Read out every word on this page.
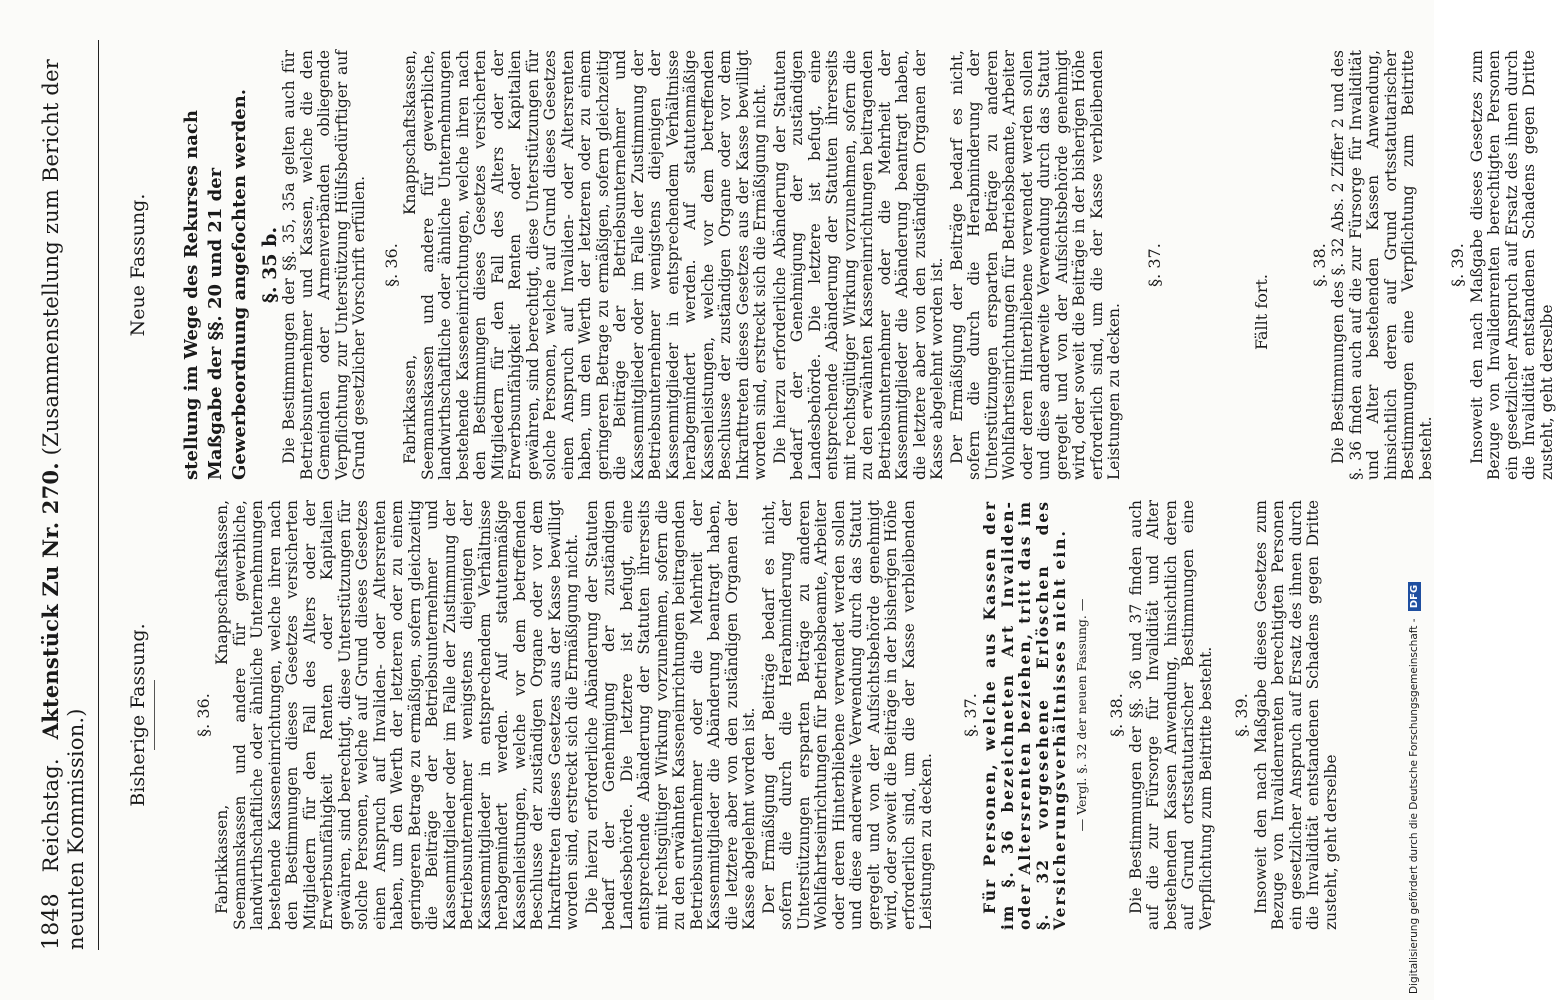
1848 Reichstag. Aktenstück Zu Nr. 270. (Zusammenstellung zum Bericht der neunten Kommission.)	Bisherige Fassung.	§. 36. Fabrikkassen, Knappschaftskassen, Seemannskassen und andere für gewerbliche, landwirthschaftliche oder ähnliche Unternehmungen bestehende Kasseneinrichtungen, welche ihren nach den Bestimmungen dieses Gesetzes versicherten Mitgliedern für den Fall des Alters oder der Erwerbsunfähigkeit Renten oder Kapitalien gewähren, sind berechtigt, diese Unterstützungen für solche Personen, welche auf Grund dieses Gesetzes einen Anspruch auf Invaliden- oder Altersrenten haben, um den Werth der letzteren oder zu einem geringeren Betrage zu ermäßigen, sofern gleichzeitig die Beiträge der Betriebsunternehmer und Kassenmitglieder oder im Falle der Zustimmung der Betriebsunternehmer wenigstens diejenigen der Kassenmitglieder in entsprechendem Verhältnisse herabgemindert werden. Auf statutenmäßige Kassenleistungen, welche vor dem betreffenden Beschlusse der zuständigen Organe oder vor dem Inkrafttreten dieses Gesetzes aus der Kasse bewilligt worden sind, erstreckt sich die Ermäßigung nicht. Die hierzu erforderliche Abänderung der Statuten bedarf der Genehmigung der zuständigen Landesbehörde. Die letztere ist befugt, eine entsprechende Abänderung der Statuten ihrerseits mit rechtsgültiger Wirkung vorzunehmen, sofern die zu den erwähnten Kasseneinrichtungen beitragenden Betriebsunternehmer oder die Mehrheit der Kassenmitglieder die Abänderung beantragt haben, die letztere aber von den zuständigen Organen der Kasse abgelehnt worden ist. Der Ermäßigung der Beiträge bedarf es nicht, sofern die durch die Herabminderung der Unterstützungen ersparten Beträge zu anderen Wohlfahrtseinrichtungen für Betriebsbeamte, Arbeiter oder deren Hinterbliebene verwendet werden sollen und diese anderweite Verwendung durch das Statut geregelt und von der Aufsichtsbehörde genehmigt wird, oder soweit die Beiträge in der bisherigen Höhe erforderlich sind, um die der Kasse verbleibenden Leistungen zu decken.

§. 37. Für Personen, welche aus Kassen der im §. 36 bezeichneten Art Invaliden- oder Altersrenten beziehen, tritt das im §. 32 vorgesehene Erlöschen des Versicherungsverhältnisses nicht ein. — Vergl. §. 32 der neuen Fassung. — §. 38. Die Bestimmungen der §§. 36 und 37 finden auch auf die zur Fürsorge für Invalidität und Alter bestehenden Kassen Anwendung, hinsichtlich deren auf Grund ortsstatutarischer Bestimmungen eine Verpflichtung zum Beitritte besteht. §. 39. Insoweit den nach Maßgabe dieses Gesetzes zum Bezuge von Invalidenrenten berechtigten Personen ein gesetzlicher Anspruch auf Ersatz des ihnen durch die Invalidität entstandenen Schadens gegen Dritte zusteht, geht derselbe

Neue Fassung. stellung im Wege des Rekurses nach Maßgabe der §§. 20 und 21 der Gewerbeordnung angefochten werden. §. 35 b. Die Bestimmungen der §§. 35, 35a gelten auch für Betriebsunternehmer und Kassen, welche die den Gemeinden oder Armenverbänden obliegende Verpflichtung zur Unterstützung Hülfsbedürftiger auf Grund gesetzlicher Vorschrift erfüllen. §. 36. Fabrikkassen, Knappschaftskassen, Seemannskassen und andere für gewerbliche, landwirthschaftliche oder ähnliche Unternehmungen bestehende Kasseneinrichtungen, welche ihren nach den Bestimmungen dieses Gesetzes versicherten Mitgliedern für den Fall des Alters oder der Erwerbsunfähigkeit Renten oder Kapitalien gewähren, sind berechtigt, diese Unterstützungen für solche Personen, welche auf Grund dieses Gesetzes einen Anspruch auf Invaliden- oder Altersrenten haben, um den Werth der letzteren oder zu einem geringeren Betrage zu ermäßigen, sofern gleichzeitig die Beiträge der Betriebsunternehmer und Kassenmitglieder oder im Falle der Zustimmung der Betriebsunternehmer wenigstens diejenigen der Kassenmitglieder in entsprechendem Verhältnisse herabgemindert werden. Auf statutenmäßige Kassenleistungen, welche vor dem betreffenden Beschlusse der zuständigen Organe oder vor dem Inkrafttreten dieses Gesetzes aus der Kasse bewilligt worden sind, erstreckt sich die Ermäßigung nicht. Die hierzu erforderliche Abänderung der Statuten bedarf der Genehmigung der zuständigen Landesbehörde. Die letztere ist befugt, eine entsprechende Abänderung der Statuten ihrerseits mit rechtsgültiger Wirkung vorzunehmen, sofern die zu den erwähnten Kasseneinrichtungen beitragenden Betriebsunternehmer oder die Mehrheit der Kassenmitglieder die Abänderung beantragt haben, die letztere aber von den zuständigen Organen der Kasse abgelehnt worden ist. Der Ermäßigung der Beiträge bedarf es nicht, sofern die durch die Herabminderung der Unterstützungen ersparten Beträge zu anderen Wohlfahrtseinrichtungen für Betriebsbeamte, Arbeiter oder deren Hinterbliebene verwendet werden sollen und diese anderweite Verwendung durch das Statut geregelt und von der Aufsichtsbehörde genehmigt wird, oder soweit die Beiträge in der bisherigen Höhe erforderlich sind, um die der Kasse verbleibenden Leistungen zu decken.

§. 37.
Fällt fort.
§. 38. Die Bestimmungen des §. 32 Abs. 2 Ziffer 2 und des §. 36 finden auch auf die zur Fürsorge für Invalidität und Alter bestehenden Kassen Anwendung, hinsichtlich deren auf Grund ortsstatutarischer Bestimmungen eine Verpflichtung zum Beitritte besteht.

§. 39. Insoweit den nach Maßgabe dieses Gesetzes zum Bezuge von Invalidenrenten berechtigten Personen ein gesetzlicher Anspruch auf Ersatz des ihnen durch die Invalidität entstandenen Schadens gegen Dritte zusteht, geht derselbe

Digitalisierung gefördert durch die Deutsche Forschungsgemeinschaft - DFG
